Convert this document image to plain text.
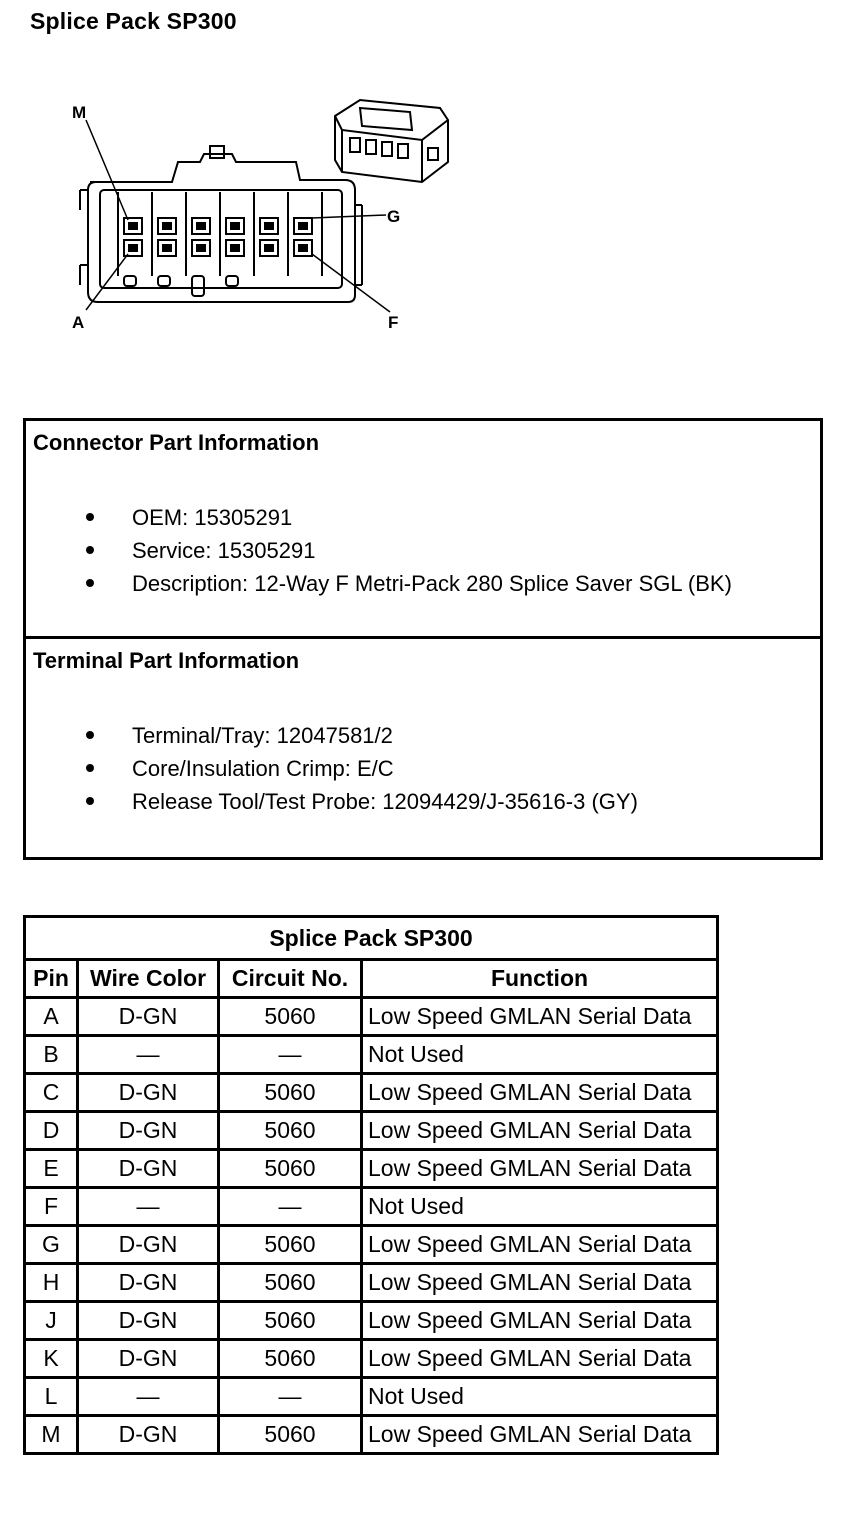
Splice Pack SP300
M
G
A	F
Connector Part Information
OEM: 15305291
Service: 15305291
Description: 12-Way F Metri-Pack 280 Splice Saver SGL (BK)
Terminal Part Information
Terminal/Tray: 12047581/2
Core/Insulation Crimp: E/C
Release Tool/Test Probe: 12094429/J-35616-3 (GY)
Splice Pack SP300			
Pin	Wire Color	Circuit No.	Function
A	D-GN	5060	Low Speed GMLAN Serial Data
B	—	—	Not Used
C	D-GN	5060	Low Speed GMLAN Serial Data
D	D-GN	5060	Low Speed GMLAN Serial Data
E	D-GN	5060	Low Speed GMLAN Serial Data
F	—	—	Not Used
G	D-GN	5060	Low Speed GMLAN Serial Data
H	D-GN	5060	Low Speed GMLAN Serial Data
J	D-GN	5060	Low Speed GMLAN Serial Data
K	D-GN	5060	Low Speed GMLAN Serial Data
L	—	—	Not Used
M	D-GN	5060	Low Speed GMLAN Serial Data
